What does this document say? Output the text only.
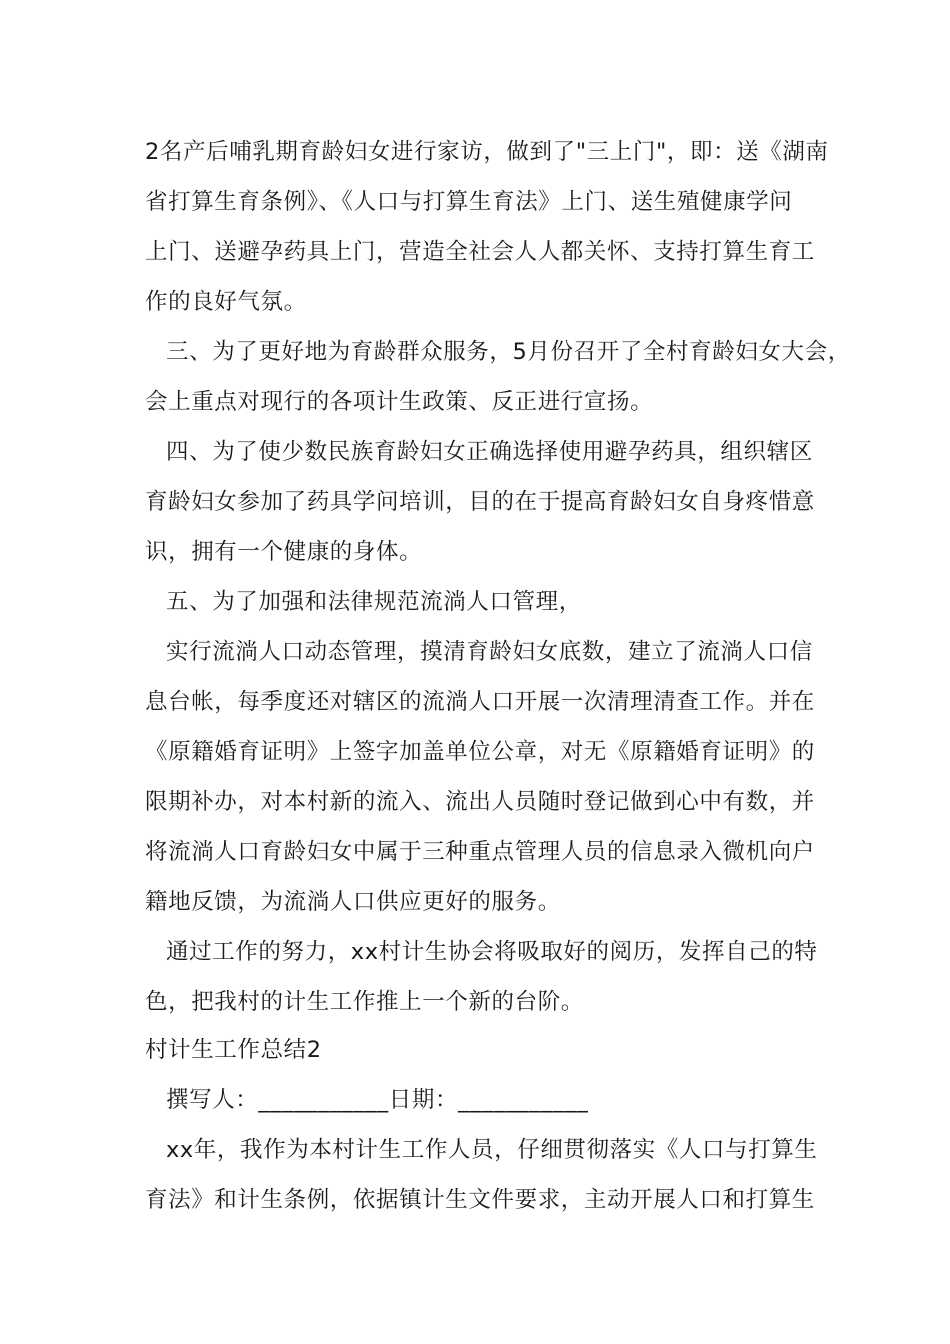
2名产后哺乳期育龄妇女进行家访，做到了"三上门"，即：送《湖南
省打算生育条例》、《人口与打算生育法》上门、送生殖健康学问
上门、送避孕药具上门，营造全社会人人都关怀、支持打算生育工
作的良好气氛。
三、为了更好地为育龄群众服务，5月份召开了全村育龄妇女大会，
会上重点对现行的各项计生政策、反正进行宣扬。
四、为了使少数民族育龄妇女正确选择使用避孕药具，组织辖区
育龄妇女参加了药具学问培训，目的在于提高育龄妇女自身疼惜意
识，拥有一个健康的身体。
五、为了加强和法律规范流淌人口管理，
实行流淌人口动态管理，摸清育龄妇女底数，建立了流淌人口信
息台帐，每季度还对辖区的流淌人口开展一次清理清查工作。并在
《原籍婚育证明》上签字加盖单位公章，对无《原籍婚育证明》的
限期补办，对本村新的流入、流出人员随时登记做到心中有数，并
将流淌人口育龄妇女中属于三种重点管理人员的信息录入微机向户
籍地反馈，为流淌人口供应更好的服务。
通过工作的努力，xx村计生协会将吸取好的阅历，发挥自己的特
色，把我村的计生工作推上一个新的台阶。
村计生工作总结2
撰写人：___________日期：___________
xx年，我作为本村计生工作人员，仔细贯彻落实《人口与打算生
育法》和计生条例，依据镇计生文件要求，主动开展人口和打算生
